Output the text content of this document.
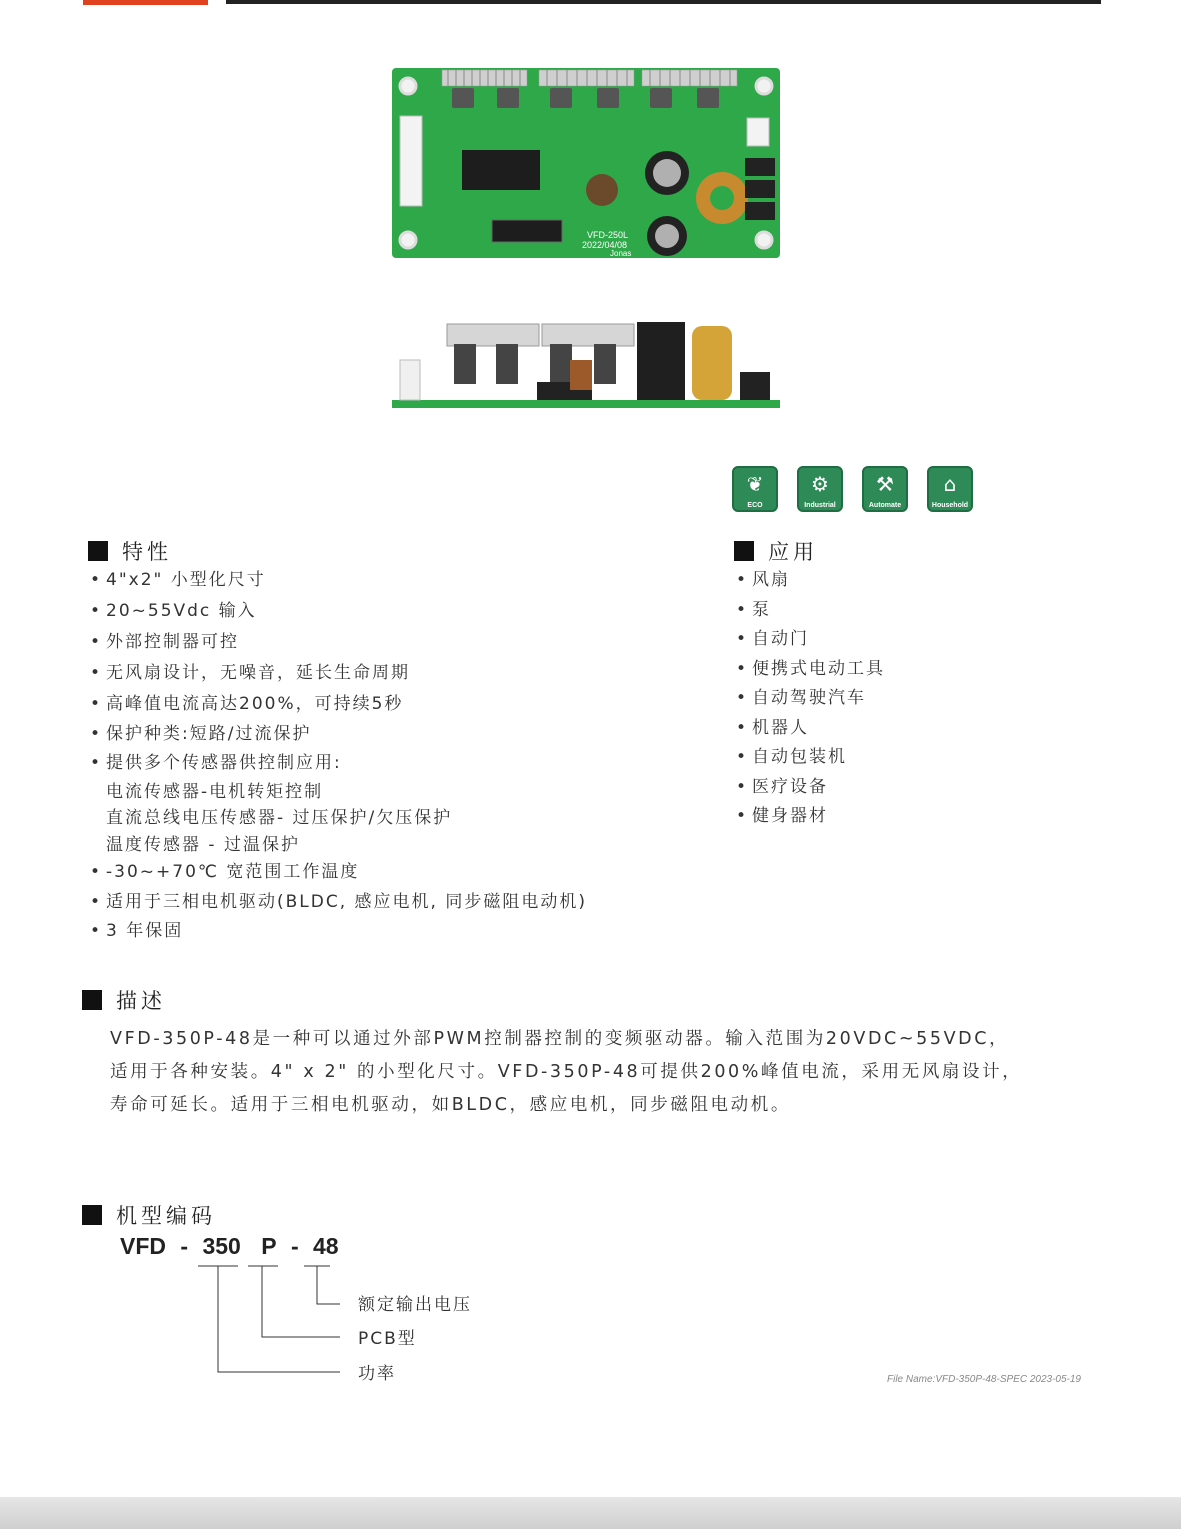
VFD-250L
2022/04/08
Jonas
❦
ECO
⚙
Industrial
⚒
Automate
⌂
Household
特性
• 4"x2" 小型化尺寸
• 20~55Vdc 输入
• 外部控制器可控
• 无风扇设计，无噪音，延长生命周期
• 高峰值电流高达200%，可持续5秒
• 保护种类:短路/过流保护
• 提供多个传感器供控制应用:
电流传感器-电机转矩控制
直流总线电压传感器- 过压保护/欠压保护
温度传感器 - 过温保护
• -30~+70℃ 宽范围工作温度
• 适用于三相电机驱动(BLDC, 感应电机, 同步磁阻电动机)
• 3 年保固
应用
• 风扇
• 泵
• 自动门
• 便携式电动工具
• 自动驾驶汽车
• 机器人
• 自动包装机
• 医疗设备
• 健身器材
描述

VFD-350P-48是一种可以通过外部PWM控制器控制的变频驱动器。输入范围为20VDC~55VDC，

适用于各种安装。4" x 2" 的小型化尺寸。VFD-350P-48可提供200%峰值电流，采用无风扇设计，

寿命可延长。适用于三相电机驱动，如BLDC，感应电机，同步磁阻电动机。

机型编码
VFD - 350 P - 48
额定输出电压
PCB型
功率	File Name:VFD-350P-48-SPEC 2023-05-19
